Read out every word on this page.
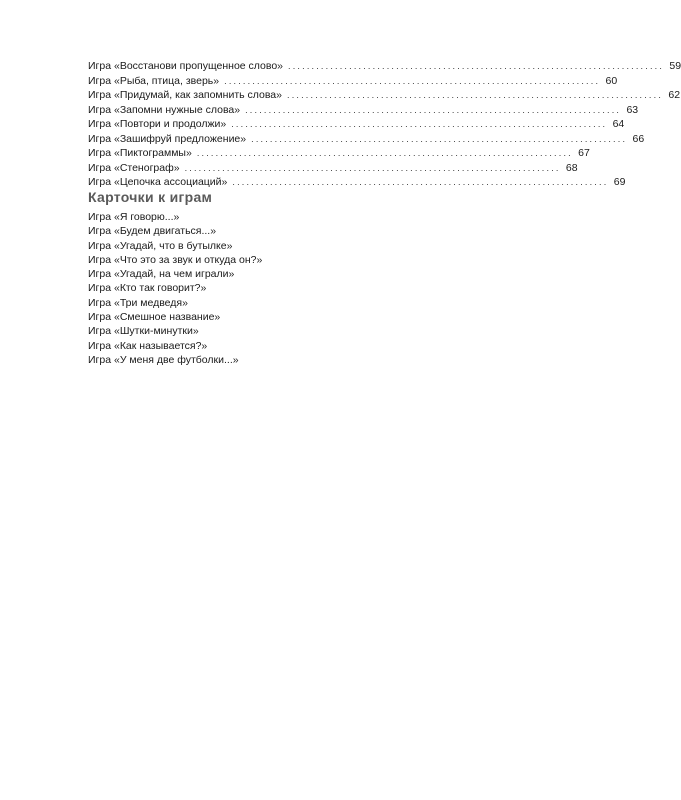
Игра «Восстанови пропущенное слово» ................................................................................ 59
Игра «Рыба, птица, зверь» ................................................................................ 60
Игра «Придумай, как запомнить слова» ................................................................................ 62
Игра «Запомни нужные слова» ................................................................................ 63
Игра «Повтори и продолжи» ................................................................................ 64
Игра «Зашифруй предложение» ................................................................................ 66
Игра «Пиктограммы» ................................................................................ 67
Игра «Стенограф» ................................................................................ 68
Игра «Цепочка ассоциаций» ................................................................................ 69
Карточки к играм
Игра «Я говорю...»
Игра «Будем двигаться...»
Игра «Угадай, что в бутылке»
Игра «Что это за звук и откуда он?»
Игра «Угадай, на чем играли»
Игра «Кто так говорит?»
Игра «Три медведя»
Игра «Смешное название»
Игра «Шутки-минутки»
Игра «Как называется?»
Игра «У меня две футболки...»
